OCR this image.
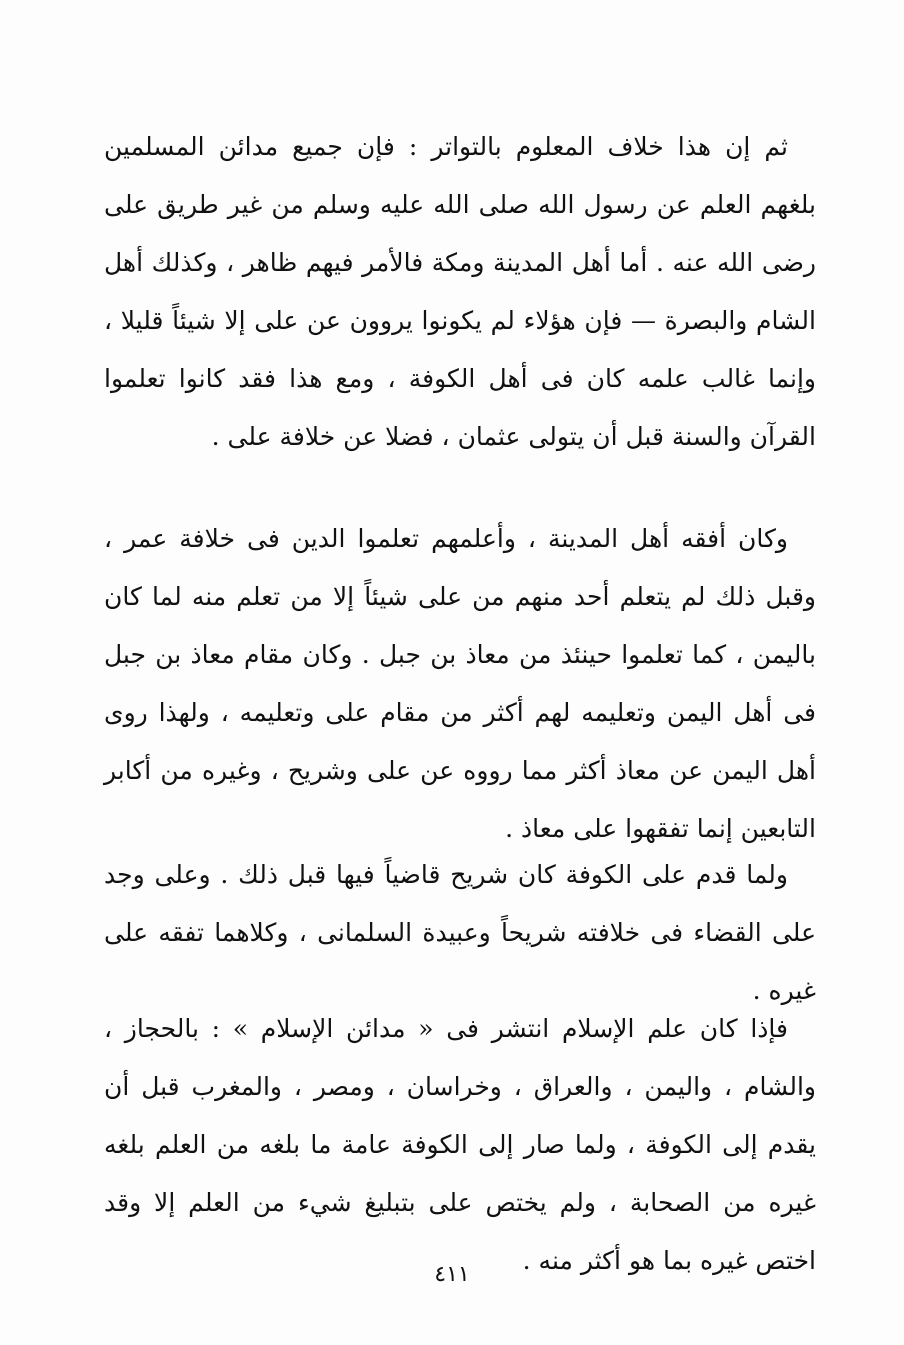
ثم إن هذا خلاف المعلوم بالتواتر : فإن جميع مدائن المسلمين بلغهم العلم عن رسول الله صلى الله عليه وسلم من غير طريق على رضى الله عنه . أما أهل المدينة ومكة فالأمر فيهم ظاهر ، وكذلك أهل الشام والبصرة — فإن هؤلاء لم يكونوا يروون عن على إلا شيئاً قليلا ، وإنما غالب علمه كان فى أهل الكوفة ، ومع هذا فقد كانوا تعلموا القرآن والسنة قبل أن يتولى عثمان ، فضلا عن خلافة على .

وكان أفقه أهل المدينة ، وأعلمهم تعلموا الدين فى خلافة عمر ، وقبل ذلك لم يتعلم أحد منهم من على شيئاً إلا من تعلم منه لما كان باليمن ، كما تعلموا حينئذ من معاذ بن جبل . وكان مقام معاذ بن جبل فى أهل اليمن وتعليمه لهم أكثر من مقام على وتعليمه ، ولهذا روى أهل اليمن عن معاذ أكثر مما رووه عن على وشريح ، وغيره من أكابر التابعين إنما تفقهوا على معاذ .

ولما قدم على الكوفة كان شريح قاضياً فيها قبل ذلك . وعلى وجد على القضاء فى خلافته شريحاً وعبيدة السلمانى ، وكلاهما تفقه على غيره .

فإذا كان علم الإسلام انتشر فى « مدائن الإسلام » : بالحجاز ، والشام ، واليمن ، والعراق ، وخراسان ، ومصر ، والمغرب قبل أن يقدم إلى الكوفة ، ولما صار إلى الكوفة عامة ما بلغه من العلم بلغه غيره من الصحابة ، ولم يختص على بتبليغ شيء من العلم إلا وقد اختص غيره بما هو أكثر منه .

٤١١
